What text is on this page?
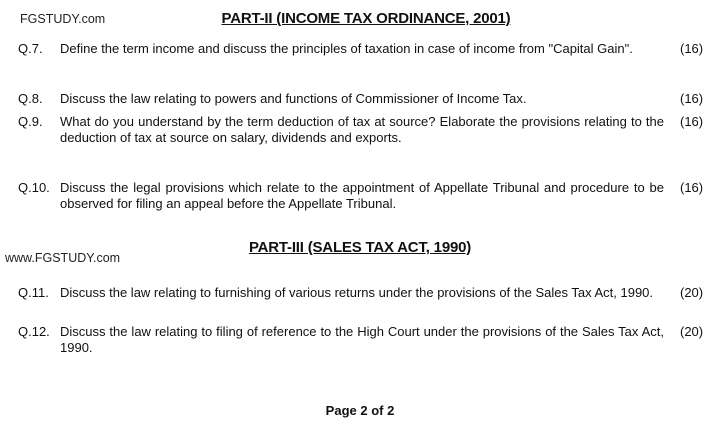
FGSTUDY.com	PART-II (INCOME TAX ORDINANCE, 2001)
Q.7. Define the term income and discuss the principles of taxation in case of income from "Capital Gain".	(16)
Q.8. Discuss the law relating to powers and functions of Commissioner of Income Tax.	(16)
Q.9. What do you understand by the term deduction of tax at source? Elaborate the provisions relating to the deduction of tax at source on salary, dividends and exports.
(16)
Q.10. Discuss the legal provisions which relate to the appointment of Appellate Tribunal and procedure to be observed for filing an appeal before the Appellate Tribunal.
(16)
www.FGSTUDY.com
PART-III (SALES TAX ACT, 1990)
Q.11. Discuss the law relating to furnishing of various returns under the provisions of the Sales Tax Act, 1990.	(20)
Q.12. Discuss the law relating to filing of reference to the High Court under the provisions of the Sales Tax Act, 1990.
(20)
Page 2 of 2
